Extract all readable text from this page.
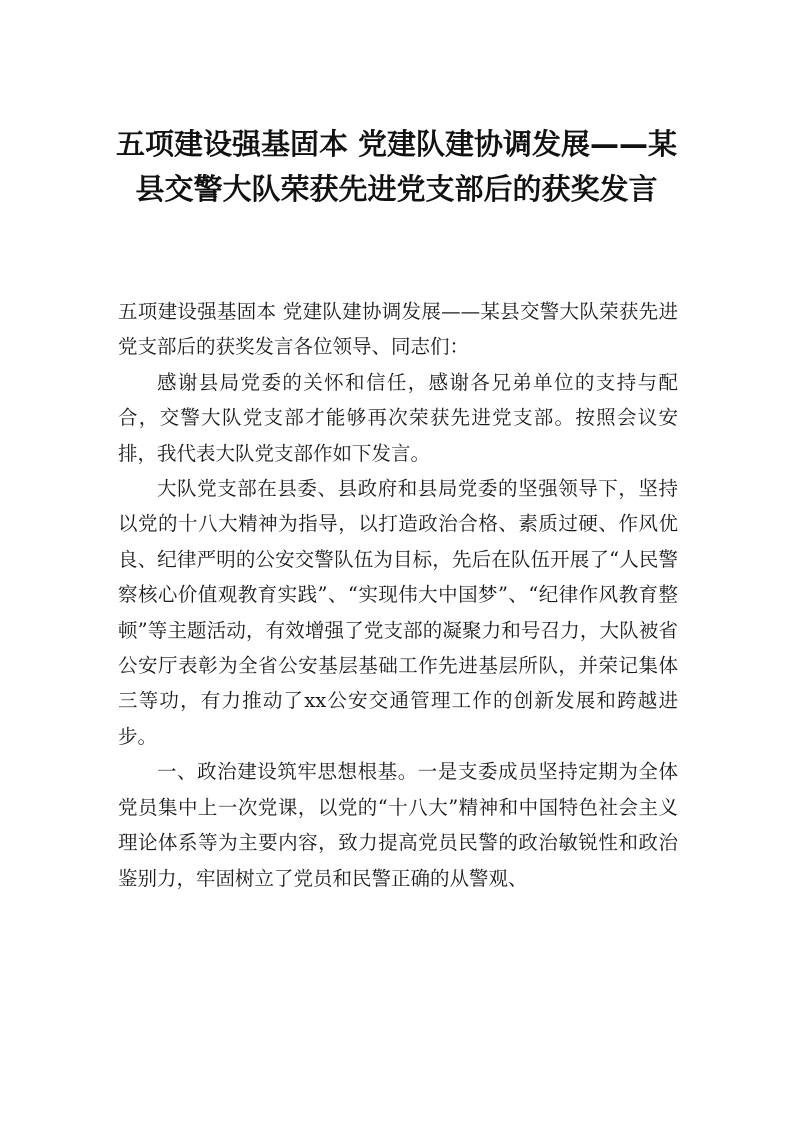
五项建设强基固本 党建队建协调发展——某县交警大队荣获先进党支部后的获奖发言

五项建设强基固本 党建队建协调发展——某县交警大队荣获先进党支部后的获奖发言各位领导、同志们：

感谢县局党委的关怀和信任，感谢各兄弟单位的支持与配合，交警大队党支部才能够再次荣获先进党支部。按照会议安排，我代表大队党支部作如下发言。

大队党支部在县委、县政府和县局党委的坚强领导下，坚持以党的十八大精神为指导，以打造政治合格、素质过硬、作风优良、纪律严明的公安交警队伍为目标，先后在队伍开展了“人民警察核心价值观教育实践”、“实现伟大中国梦”、“纪律作风教育整顿”等主题活动，有效增强了党支部的凝聚力和号召力，大队被省公安厅表彰为全省公安基层基础工作先进基层所队，并荣记集体三等功，有力推动了xx公安交通管理工作的创新发展和跨越进步。

一、政治建设筑牢思想根基。一是支委成员坚持定期为全体党员集中上一次党课，以党的“十八大”精神和中国特色社会主义理论体系等为主要内容，致力提高党员民警的政治敏锐性和政治鉴别力，牢固树立了党员和民警正确的从警观、
